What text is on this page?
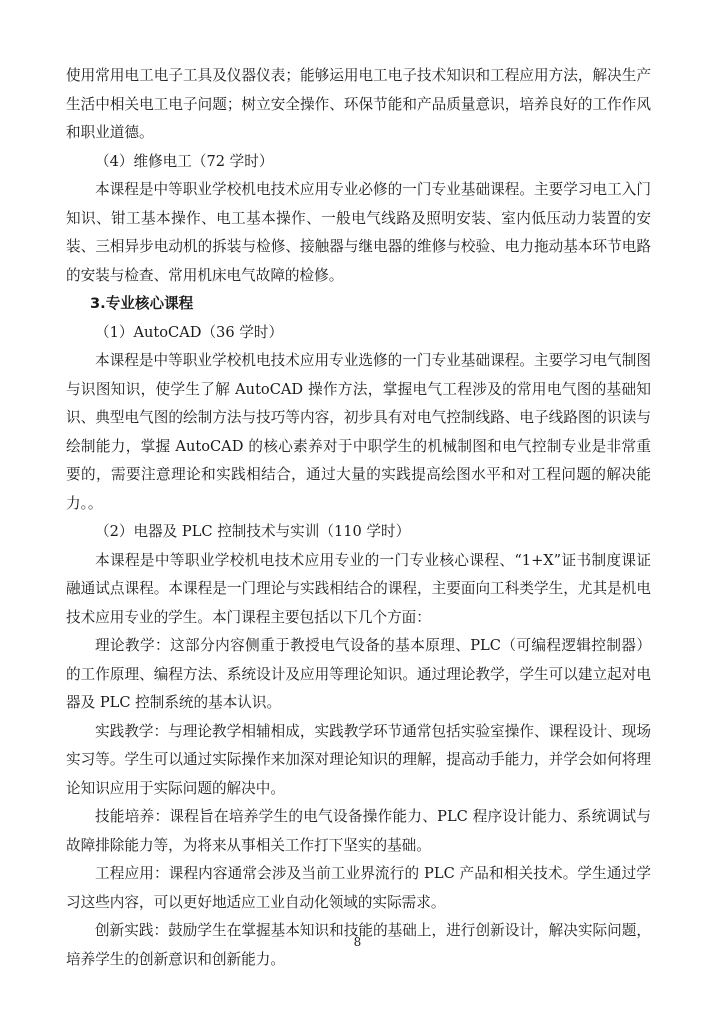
使用常用电工电子工具及仪器仪表；能够运用电工电子技术知识和工程应用方法，解决生产生活中相关电工电子问题；树立安全操作、环保节能和产品质量意识，培养良好的工作作风和职业道德。

（4）维修电工（72 学时）

本课程是中等职业学校机电技术应用专业必修的一门专业基础课程。主要学习电工入门知识、钳工基本操作、电工基本操作、一般电气线路及照明安装、室内低压动力装置的安装、三相异步电动机的拆装与检修、接触器与继电器的维修与校验、电力拖动基本环节电路的安装与检查、常用机床电气故障的检修。

3.专业核心课程

（1）AutoCAD（36 学时）

本课程是中等职业学校机电技术应用专业选修的一门专业基础课程。主要学习电气制图与识图知识，使学生了解 AutoCAD 操作方法，掌握电气工程涉及的常用电气图的基础知识、典型电气图的绘制方法与技巧等内容，初步具有对电气控制线路、电子线路图的识读与绘制能力，掌握 AutoCAD 的核心素养对于中职学生的机械制图和电气控制专业是非常重要的，需要注意理论和实践相结合，通过大量的实践提高绘图水平和对工程问题的解决能力。。

（2）电器及 PLC 控制技术与实训（110 学时）

本课程是中等职业学校机电技术应用专业的一门专业核心课程、“1+X”证书制度课证融通试点课程。本课程是一门理论与实践相结合的课程，主要面向工科类学生，尤其是机电技术应用专业的学生。本门课程主要包括以下几个方面：

理论教学：这部分内容侧重于教授电气设备的基本原理、PLC（可编程逻辑控制器）的工作原理、编程方法、系统设计及应用等理论知识。通过理论教学，学生可以建立起对电器及 PLC 控制系统的基本认识。

实践教学：与理论教学相辅相成，实践教学环节通常包括实验室操作、课程设计、现场实习等。学生可以通过实际操作来加深对理论知识的理解，提高动手能力，并学会如何将理论知识应用于实际问题的解决中。

技能培养：课程旨在培养学生的电气设备操作能力、PLC 程序设计能力、系统调试与故障排除能力等，为将来从事相关工作打下坚实的基础。

工程应用：课程内容通常会涉及当前工业界流行的 PLC 产品和相关技术。学生通过学习这些内容，可以更好地适应工业自动化领域的实际需求。

创新实践：鼓励学生在掌握基本知识和技能的基础上，进行创新设计，解决实际问题，培养学生的创新意识和创新能力。

8
